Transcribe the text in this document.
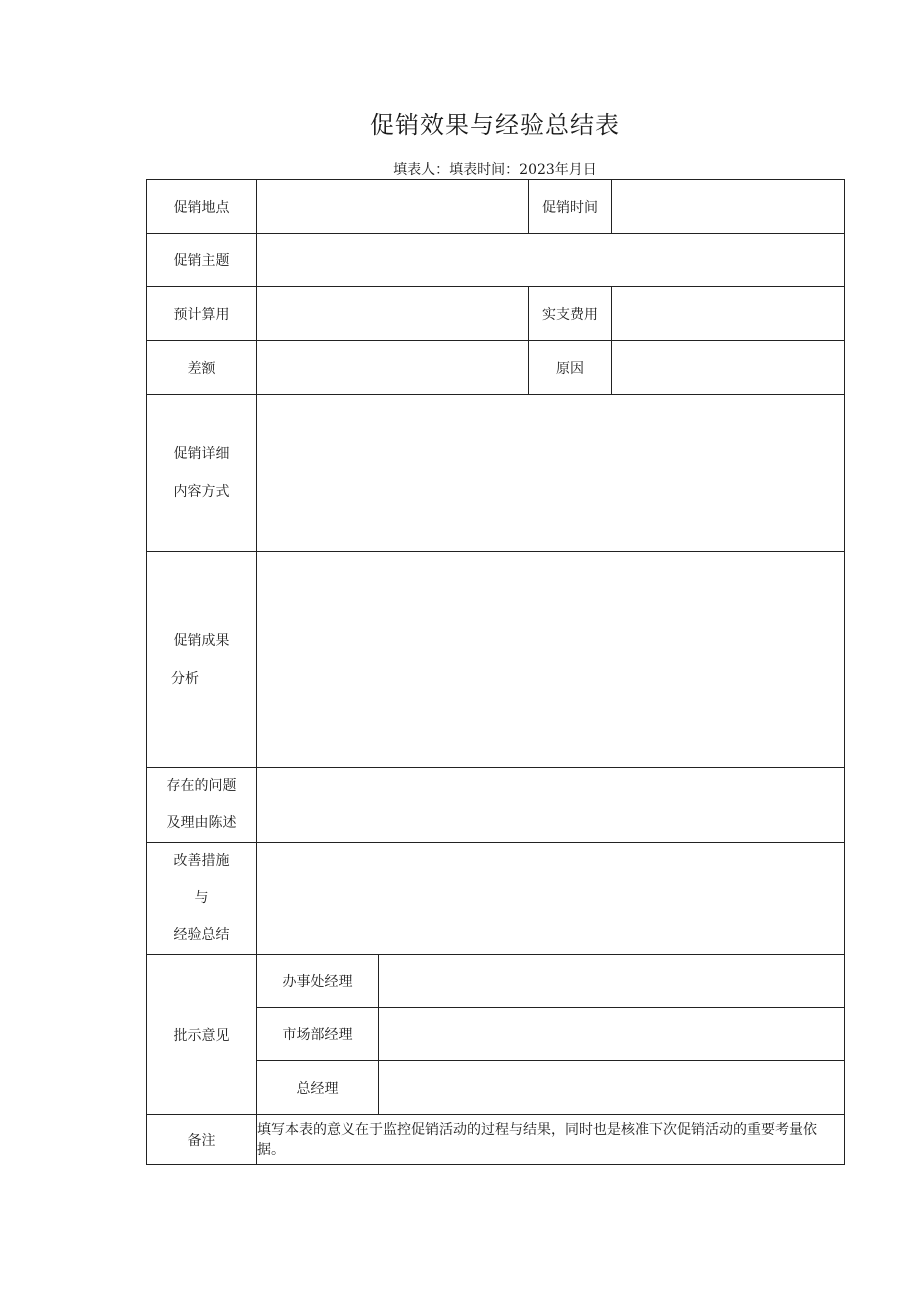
促销效果与经验总结表
填表人：填表时间：2023年月日
促销地点			促销时间	
促销主题				
预计算用			实支费用	
差额			原因	

促销详细
内容方式				

促销成果
分析				

存在的问题
及理由陈述				

改善措施
与
经验总结				

批示意见	办事处经理			
	市场部经理			
	总经理			
备注	填写本表的意义在于监控促销活动的过程与结果，同时也是核准下次促销活动的重要考量依据。			
